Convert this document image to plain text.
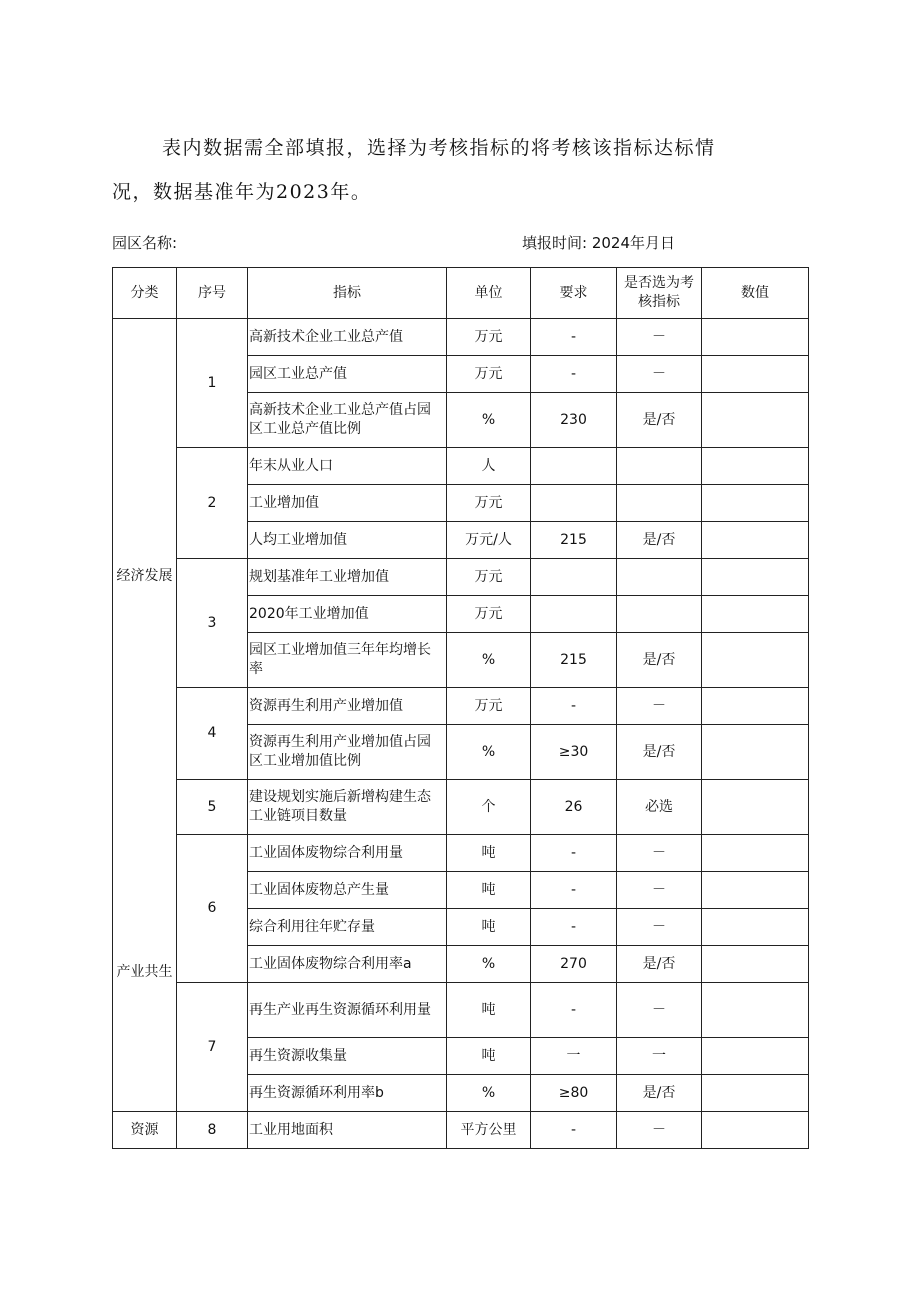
表内数据需全部填报，选择为考核指标的将考核该指标达标情
况，数据基准年为2023年。
园区名称:	填报时间: 2024年月日
分类	序号	指标	单位	要求	是否选为考核指标	数值
经济发展	1	高新技术企业工业总产值	万元	-	－	
		园区工业总产值	万元	-	－	
		高新技术企业工业总产值占园区工业总产值比例	%	230	是/否	
	2	年末从业人口	人			
		工业增加值	万元			
		人均工业增加值	万元/人	215	是/否	
	3	规划基准年工业增加值	万元			
		2020年工业增加值	万元			
		园区工业增加值三年年均增长率	%	215	是/否	
	4	资源再生利用产业增加值	万元	-	－	
		资源再生利用产业增加值占园区工业增加值比例	%	≥30	是/否	
	5	建设规划实施后新增构建生态工业链项目数量	个	26	必选	
产业共生	6	工业固体废物综合利用量	吨	-	－	
		工业固体废物总产生量	吨	-	－	
		综合利用往年贮存量	吨	-	－	
		工业固体废物综合利用率a	%	270	是/否	
	7	再生产业再生资源循环利用量	吨	-	－	
		再生资源收集量	吨	一	一	
		再生资源循环利用率b	%	≥80	是/否	
资源	8	工业用地面积	平方公里	-	－	
